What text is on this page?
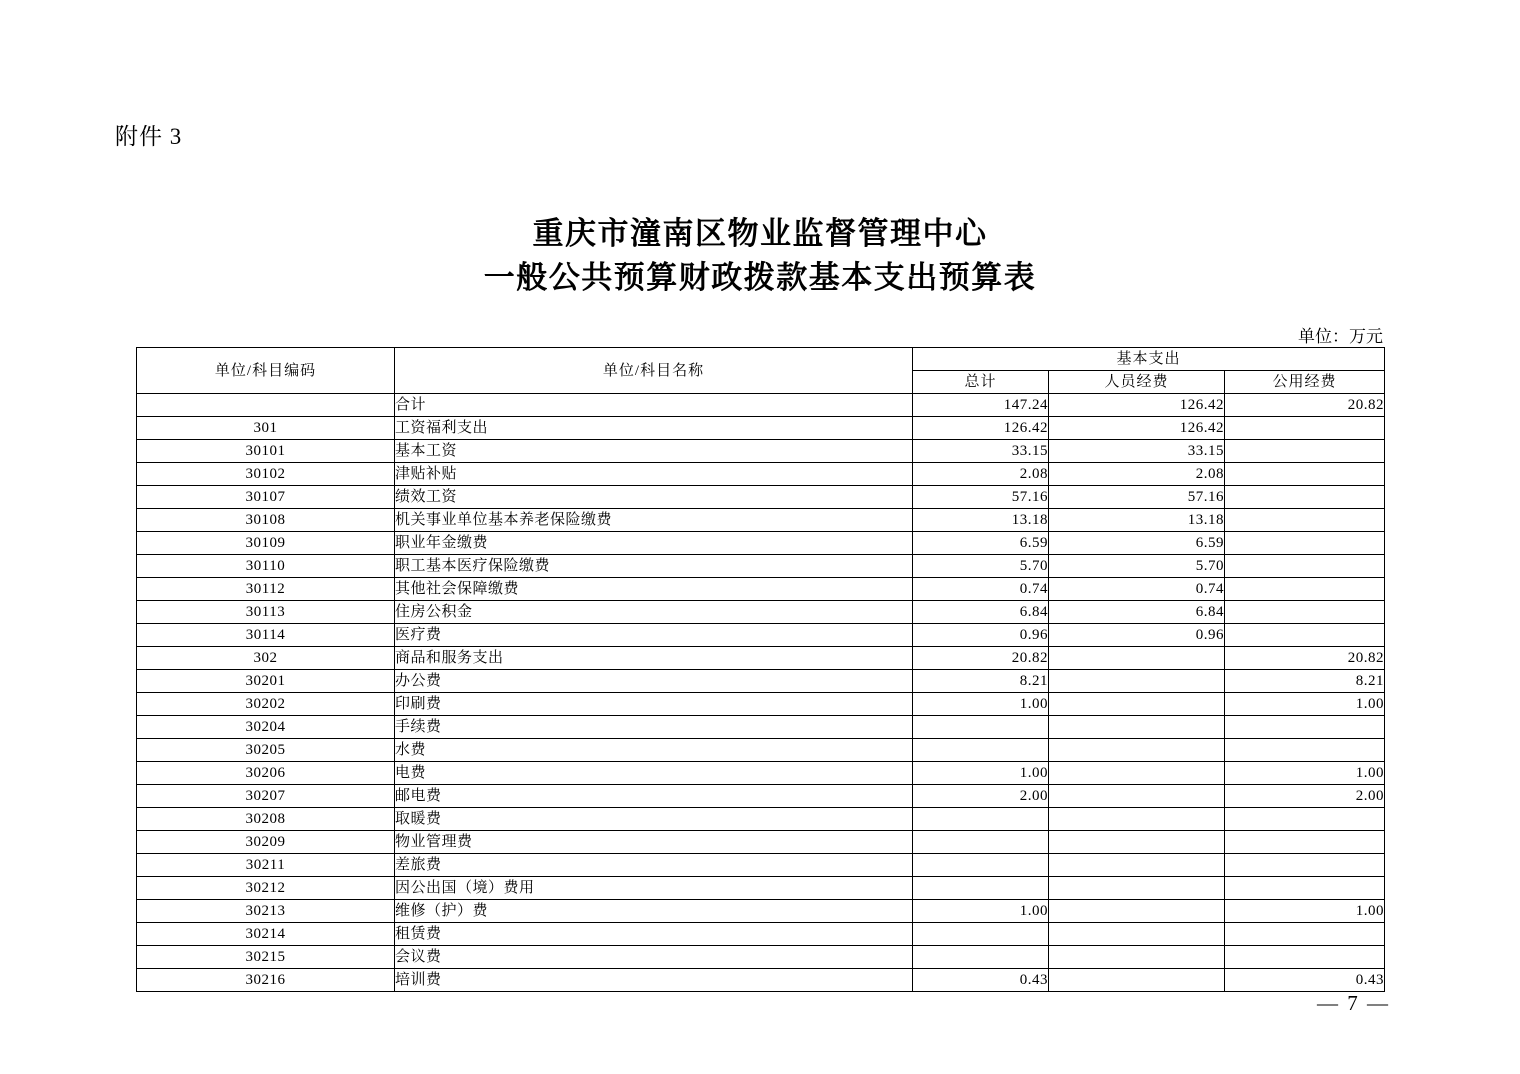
附件 3
重庆市潼南区物业监督管理中心
一般公共预算财政拨款基本支出预算表
单位：万元
单位/科目编码	单位/科目名称	基本支出		
		总计	人员经费	公用经费
	合计	147.24	126.42	20.82
301	工资福利支出	126.42	126.42	
30101	基本工资	33.15	33.15	
30102	津贴补贴	2.08	2.08	
30107	绩效工资	57.16	57.16	
30108	机关事业单位基本养老保险缴费	13.18	13.18	
30109	职业年金缴费	6.59	6.59	
30110	职工基本医疗保险缴费	5.70	5.70	
30112	其他社会保障缴费	0.74	0.74	
30113	住房公积金	6.84	6.84	
30114	医疗费	0.96	0.96	
302	商品和服务支出	20.82		20.82
30201	办公费	8.21		8.21
30202	印刷费	1.00		1.00
30204	手续费			
30205	水费			
30206	电费	1.00		1.00
30207	邮电费	2.00		2.00
30208	取暖费			
30209	物业管理费			
30211	差旅费			
30212	因公出国（境）费用			
30213	维修（护）费	1.00		1.00
30214	租赁费			
30215	会议费			
30216	培训费	0.43		0.43
— 7 —
